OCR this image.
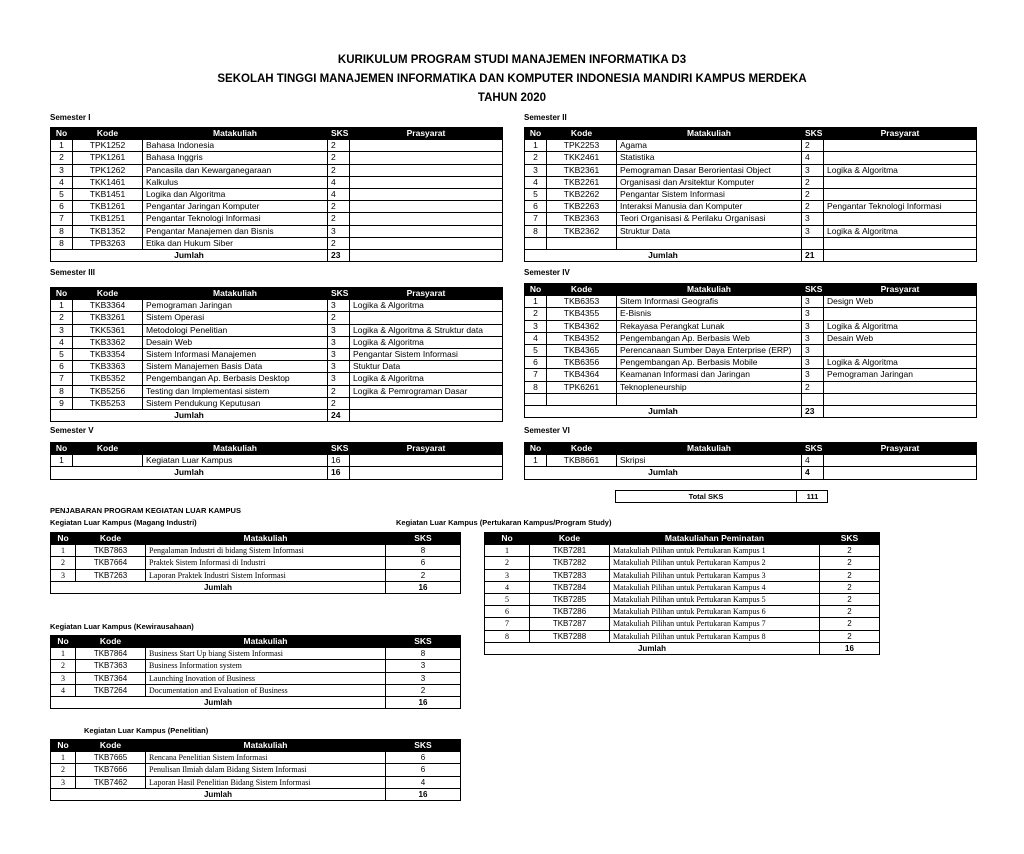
KURIKULUM PROGRAM STUDI MANAJEMEN INFORMATIKA D3
SEKOLAH TINGGI MANAJEMEN INFORMATIKA DAN KOMPUTER INDONESIA MANDIRI KAMPUS MERDEKA
TAHUN 2020
Semester I	Semester II
Semester III	Semester IV
Semester V	Semester VI
No	Kode	Matakuliah	SKS	Prasyarat
1	TPK1252	Bahasa Indonesia	2	
2	TPK1261	Bahasa Inggris	2	
3	TPK1262	Pancasila dan Kewarganegaraan	2	
4	TKK1461	Kalkulus	4	
5	TKB1451	Logika dan Algoritma	4	
6	TKB1261	Pengantar Jaringan Komputer	2	
7	TKB1251	Pengantar Teknologi Informasi	2	
8	TKB1352	Pengantar Manajemen dan Bisnis	3	
8	TPB3263	Etika dan Hukum Siber	2	
Jumlah			23	
No	Kode	Matakuliah	SKS	Prasyarat
1	TPK2253	Agama	2	
2	TKK2461	Statistika	4	
3	TKB2361	Pemograman Dasar Berorientasi Object	3	Logika & Algoritma
4	TKB2261	Organisasi dan Arsitektur Komputer	2	
5	TKB2262	Pengantar Sistem Informasi	2	
6	TKB2263	Interaksi Manusia dan Komputer	2	Pengantar Teknologi Informasi
7	TKB2363	Teori Organisasi & Perilaku Organisasi	3	
8	TKB2362	Struktur Data	3	Logika & Algoritma

Jumlah			21	
No	Kode	Matakuliah	SKS	Prasyarat
1	TKB3364	Pemograman Jaringan	3	Logika & Algoritma
2	TKB3261	Sistem Operasi	2	
3	TKK5361	Metodologi Penelitian	3	Logika & Algoritma & Struktur data
4	TKB3362	Desain Web	3	Logika & Algoritma
5	TKB3354	Sistem Informasi Manajemen	3	Pengantar Sistem Informasi
6	TKB3363	Sistem Manajemen Basis Data	3	Stuktur Data
7	TKB5352	Pengembangan Ap. Berbasis Desktop	3	Logika & Algoritma
8	TKB5256	Testing dan Implementasi sistem	2	Logika & Pemrograman Dasar
9	TKB5253	Sistem Pendukung Keputusan	2	
Jumlah			24	
No	Kode	Matakuliah	SKS	Prasyarat
1	TKB6353	Sitem Informasi Geografis	3	Design Web
2	TKB4355	E-Bisnis	3	
3	TKB4362	Rekayasa Perangkat Lunak	3	Logika & Algoritma
4	TKB4352	Pengembangan Ap. Berbasis Web	3	Desain Web
5	TKB4365	Perencanaan Sumber Daya Enterprise (ERP)	3	
6	TKB6356	Pengembangan Ap. Berbasis Mobile	3	Logika & Algoritma
7	TKB4364	Keamanan Informasi dan Jaringan	3	Pemograman Jaringan
8	TPK6261	Teknopleneurship	2	

Jumlah			23	
No	Kode	Matakuliah	SKS	Prasyarat
1		Kegiatan Luar Kampus	16	
Jumlah			16	
No	Kode	Matakuliah	SKS	Prasyarat
1	TKB8661	Skripsi	4	
Jumlah			4	
Total SKS	111
PENJABARAN PROGRAM KEGIATAN LUAR KAMPUS
Kegiatan Luar Kampus (Magang Industri)	Kegiatan Luar Kampus (Pertukaran Kampus/Program Study)
Kegiatan Luar Kampus (Kewirausahaan)
Kegiatan Luar Kampus (Penelitian)
No	Kode	Matakuliah	SKS
1	TKB7863	Pengalaman Industri di bidang Sistem Informasi	8
2	TKB7664	Praktek Sistem Informasi di Industri	6
3	TKB7263	Laporan Praktek Industri Sistem Informasi	2
Jumlah			16
No	Kode	Matakuliahan Peminatan	SKS
1	TKB7281	Matakuliah Pilihan untuk Pertukaran Kampus 1	2
2	TKB7282	Matakuliah Pilihan untuk Pertukaran Kampus 2	2
3	TKB7283	Matakuliah Pilihan untuk Pertukaran Kampus 3	2
4	TKB7284	Matakuliah Pilihan untuk Pertukaran Kampus 4	2
5	TKB7285	Matakuliah Pilihan untuk Pertukaran Kampus 5	2
6	TKB7286	Matakuliah Pilihan untuk Pertukaran Kampus 6	2
7	TKB7287	Matakuliah Pilihan untuk Pertukaran Kampus 7	2
8	TKB7288	Matakuliah Pilihan untuk Pertukaran Kampus 8	2
Jumlah			16
No	Kode	Matakuliah	SKS
1	TKB7864	Business Start Up biang Sistem Informasi	8
2	TKB7363	Business Information system	3
3	TKB7364	Launching Inovation of Business	3
4	TKB7264	Documentation and Evaluation of Business	2
Jumlah			16
No	Kode	Matakuliah	SKS
1	TKB7665	Rencana Penelitian Sistem Informasi	6
2	TKB7666	Penulisan Ilmiah dalam Bidang Sistem Informasi	6
3	TKB7462	Laporan Hasil Penelitian Bidang Sistem Informasi	4
Jumlah			16
